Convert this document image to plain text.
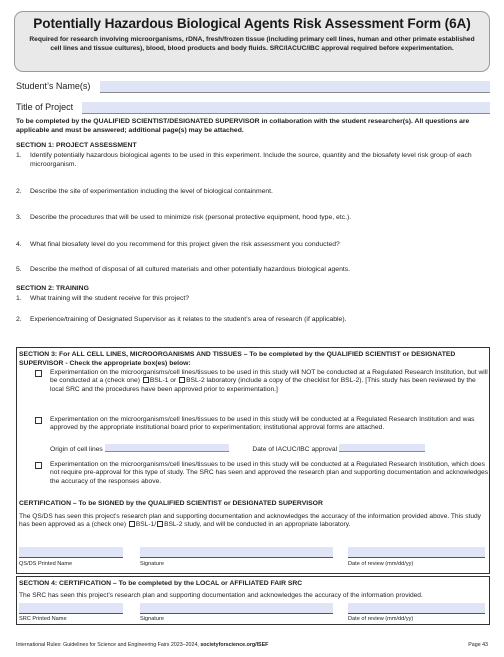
Potentially Hazardous Biological Agents Risk Assessment Form (6A)
Required for research involving microorganisms, rDNA, fresh/frozen tissue (including primary cell lines, human and other primate established cell lines and tissue cultures), blood, blood products and body fluids. SRC/IACUC/IBC approval required before experimentation.
Student’s Name(s)
Title of Project
To be completed by the QUALIFIED SCIENTIST/DESIGNATED SUPERVISOR in collaboration with the student researcher(s). All questions are applicable and must be answered; additional page(s) may be attached.
SECTION 1: PROJECT ASSESSMENT
1. Identify potentially hazardous biological agents to be used in this experiment. Include the source, quantity and the biosafety level risk group of each microorganism.
2. Describe the site of experimentation including the level of biological containment.
3. Describe the procedures that will be used to minimize risk (personal protective equipment, hood type, etc.).
4. What final biosafety level do you recommend for this project given the risk assessment you conducted?
5. Describe the method of disposal of all cultured materials and other potentially hazardous biological agents.
SECTION 2: TRAINING
1. What training will the student receive for this project?
2. Experience/training of Designated Supervisor as it relates to the student’s area of research (if applicable).
SECTION 3: For ALL CELL LINES, MICROORGANISMS AND TISSUES – To be completed by the QUALIFIED SCIENTIST or DESIGNATED SUPERVISOR - Check the appropriate box(es) below:
Experimentation on the microorganisms/cell lines/tissues to be used in this study will NOT be conducted at a Regulated Research Institution, but will be conducted at a (check one) BSL-1 or BSL-2 laboratory (include a copy of the checklist for BSL-2). [This study has been reviewed by the local SRC and the procedures have been approved prior to experimentation.]
Experimentation on the microorganisms/cell lines/tissues to be used in this study will be conducted at a Regulated Research Institution and was approved by the appropriate institutional board prior to experimentation; institutional approval forms are attached.
Origin of cell lines	Date of IACUC/IBC approval
Experimentation on the microorganisms/cell lines/tissues to be used in this study will be conducted at a Regulated Research Institution, which does not require pre-approval for this type of study. The SRC has seen and approved the research plan and supporting documentation and acknowledges the accuracy of the responses above.
CERTIFICATION – To be SIGNED by the QUALIFIED SCIENTIST or DESIGNATED SUPERVISOR
The QS/DS has seen this project’s research plan and supporting documentation and acknowledges the accuracy of the information provided above. This study has been approved as a (check one) BSL-1/ BSL-2 study, and will be conducted in an appropriate laboratory.
QS/DS Printed Name	Signature	Date of review (mm/dd/yy)
SECTION 4: CERTIFICATION – To be completed by the LOCAL or AFFILIATED FAIR SRC
The SRC has seen this project’s research plan and supporting documentation and acknowledges the accuracy of the information provided.
SRC Printed Name	Signature	Date of review (mm/dd/yy)
International Rules: Guidelines for Science and Engineering Fairs 2023–2024, societyforscience.org/ISEF	Page 43
